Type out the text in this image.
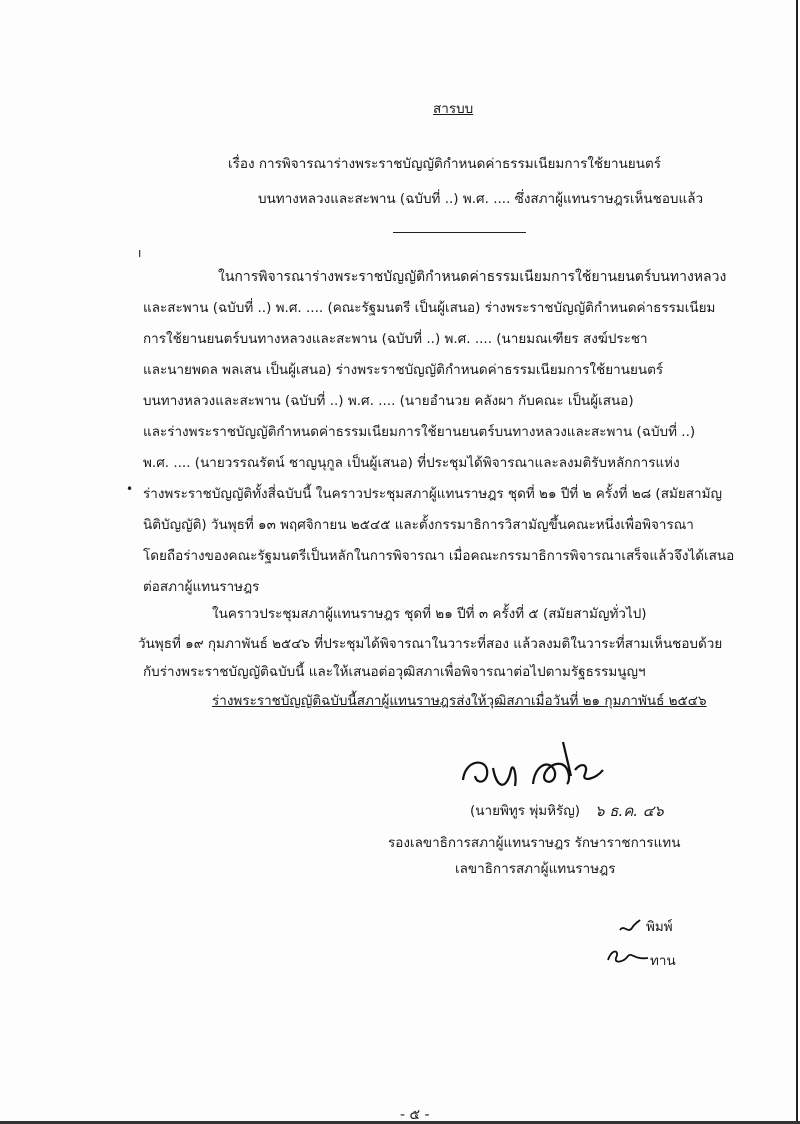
สารบบ
เรื่อง การพิจารณาร่างพระราชบัญญัติกำหนดค่าธรรมเนียมการใช้ยานยนตร์
บนทางหลวงและสะพาน (ฉบับที่ ..) พ.ศ. .... ซึ่งสภาผู้แทนราษฎรเห็นชอบแล้ว
ı
ในการพิจารณาร่างพระราชบัญญัติกำหนดค่าธรรมเนียมการใช้ยานยนตร์บนทางหลวง
และสะพาน (ฉบับที่ ..) พ.ศ. .... (คณะรัฐมนตรี เป็นผู้เสนอ) ร่างพระราชบัญญัติกำหนดค่าธรรมเนียม
การใช้ยานยนตร์บนทางหลวงและสะพาน (ฉบับที่ ..) พ.ศ. .... (นายมณเฑียร สงฆ์ประชา
และนายพดล พลเสน เป็นผู้เสนอ) ร่างพระราชบัญญัติกำหนดค่าธรรมเนียมการใช้ยานยนตร์
บนทางหลวงและสะพาน (ฉบับที่ ..) พ.ศ. .... (นายอำนวย คลังผา กับคณะ เป็นผู้เสนอ)
และร่างพระราชบัญญัติกำหนดค่าธรรมเนียมการใช้ยานยนตร์บนทางหลวงและสะพาน (ฉบับที่ ..)
พ.ศ. .... (นายวรรณรัตน์ ชาญนุกูล เป็นผู้เสนอ) ที่ประชุมได้พิจารณาและลงมติรับหลักการแห่ง
• ร่างพระราชบัญญัติทั้งสี่ฉบับนี้ ในคราวประชุมสภาผู้แทนราษฎร ชุดที่ ๒๑ ปีที่ ๒ ครั้งที่ ๒๘ (สมัยสามัญ
นิติบัญญัติ) วันพุธที่ ๑๓ พฤศจิกายน ๒๕๔๕ และตั้งกรรมาธิการวิสามัญขึ้นคณะหนึ่งเพื่อพิจารณา
โดยถือร่างของคณะรัฐมนตรีเป็นหลักในการพิจารณา เมื่อคณะกรรมาธิการพิจารณาเสร็จแล้วจึงได้เสนอ
ต่อสภาผู้แทนราษฎร
ในคราวประชุมสภาผู้แทนราษฎร ชุดที่ ๒๑ ปีที่ ๓ ครั้งที่ ๕ (สมัยสามัญทั่วไป)
วันพุธที่ ๑๙ กุมภาพันธ์ ๒๕๔๖ ที่ประชุมได้พิจารณาในวาระที่สอง แล้วลงมติในวาระที่สามเห็นชอบด้วย
กับร่างพระราชบัญญัติฉบับนี้ และให้เสนอต่อวุฒิสภาเพื่อพิจารณาต่อไปตามรัฐธรรมนูญฯ
ร่างพระราชบัญญัติฉบับนี้สภาผู้แทนราษฎรส่งให้วุฒิสภาเมื่อวันที่ ๒๑ กุมภาพันธ์ ๒๕๔๖
(นายพิทูร พุ่มหิรัญ) ๖ ธ.ค. ๔๖
รองเลขาธิการสภาผู้แทนราษฎร รักษาราชการแทน
เลขาธิการสภาผู้แทนราษฎร
พิมพ์
ทาน
- ๕ -
